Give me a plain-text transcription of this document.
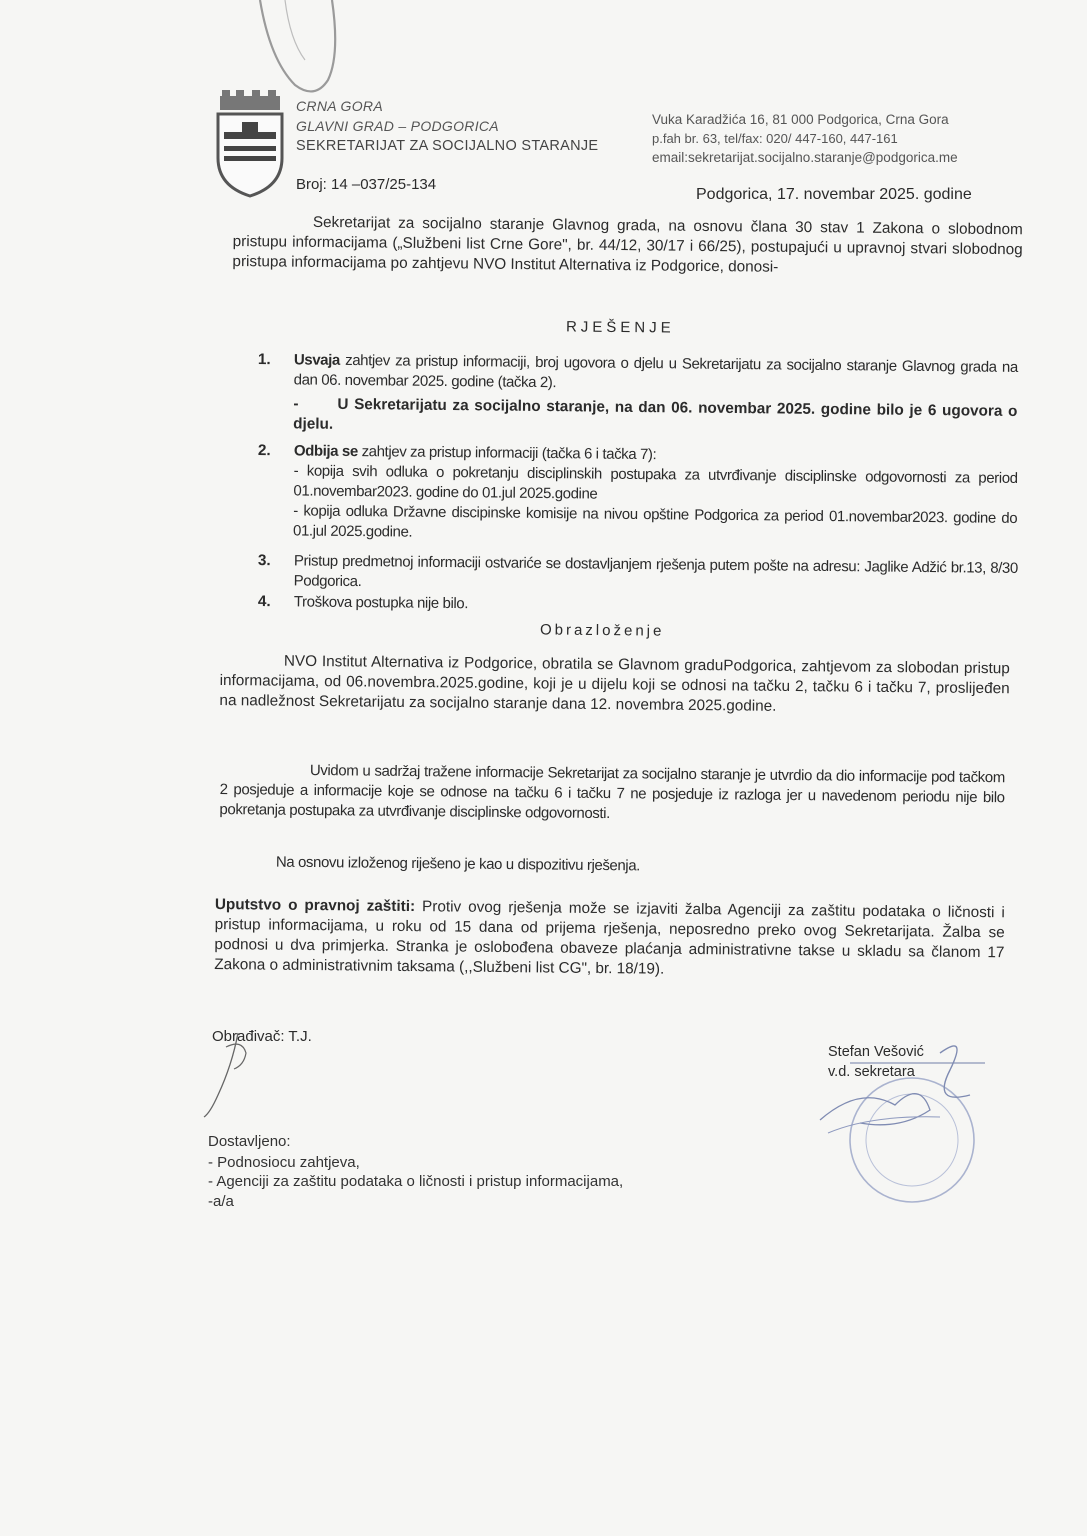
CRNA GORA
GLAVNI GRAD – PODGORICA
SEKRETARIJAT ZA SOCIJALNO STARANJE
Vuka Karadžića 16, 81 000 Podgorica, Crna Gora
p.fah br. 63, tel/fax: 020/ 447-160, 447-161
email:sekretarijat.socijalno.staranje@podgorica.me
Broj: 14 –037/25-134
Podgorica, 17. novembar 2025. godine
Sekretarijat za socijalno staranje Glavnog grada, na osnovu člana 30 stav 1 Zakona o slobodnom pristupu informacijama („Službeni list Crne Gore", br. 44/12, 30/17 i 66/25), postupajući u upravnoj stvari slobodnog pristupa informacijama po zahtjevu NVO Institut Alternativa iz Podgorice, donosi-
RJEŠENJE
1. Usvaja zahtjev za pristup informaciji, broj ugovora o djelu u Sekretarijatu za socijalno staranje Glavnog grada na dan 06. novembar 2025. godine (tačka 2).
-	U Sekretarijatu za socijalno staranje, na dan 06. novembar 2025. godine bilo je 6 ugovora o djelu.
2. Odbija se zahtjev za pristup informaciji (tačka 6 i tačka 7):
- kopija svih odluka o pokretanju disciplinskih postupaka za utvrđivanje disciplinske odgovornosti za period 01.novembar2023. godine do 01.jul 2025.godine
- kopija odluka Državne discipinske komisije na nivou opštine Podgorica za period 01.novembar2023. godine do 01.jul 2025.godine.
3. Pristup predmetnoj informaciji ostvariće se dostavljanjem rješenja putem pošte na adresu: Jaglike Adžić br.13, 8/30 Podgorica.
4. Troškova postupka nije bilo.
Obrazloženje
NVO Institut Alternativa iz Podgorice, obratila se Glavnom graduPodgorica, zahtjevom za slobodan pristup informacijama, od 06.novembra.2025.godine, koji je u dijelu koji se odnosi na tačku 2, tačku 6 i tačku 7, proslijeđen na nadležnost Sekretarijatu za socijalno staranje dana 12. novembra 2025.godine.
Uvidom u sadržaj tražene informacije Sekretarijat za socijalno staranje je utvrdio da dio informacije pod tačkom 2 posjeduje a informacije koje se odnose na tačku 6 i tačku 7 ne posjeduje iz razloga jer u navedenom periodu nije bilo pokretanja postupaka za utvrđivanje disciplinske odgovornosti.
Na osnovu izloženog riješeno je kao u dispozitivu rješenja.
Uputstvo o pravnoj zaštiti: Protiv ovog rješenja može se izjaviti žalba Agenciji za zaštitu podataka o ličnosti i pristup informacijama, u roku od 15 dana od prijema rješenja, neposredno preko ovog Sekretarijata. Žalba se podnosi u dva primjerka. Stranka je oslobođena obaveze plaćanja administrativne takse u skladu sa članom 17 Zakona o administrativnim taksama (,,Službeni list CG", br. 18/19).
Obrađivač: T.J.
Stefan Vešović
v.d. sekretara
Dostavljeno:
- Podnosiocu zahtjeva,
- Agenciji za zaštitu podataka o ličnosti i pristup informacijama,
-a/a
